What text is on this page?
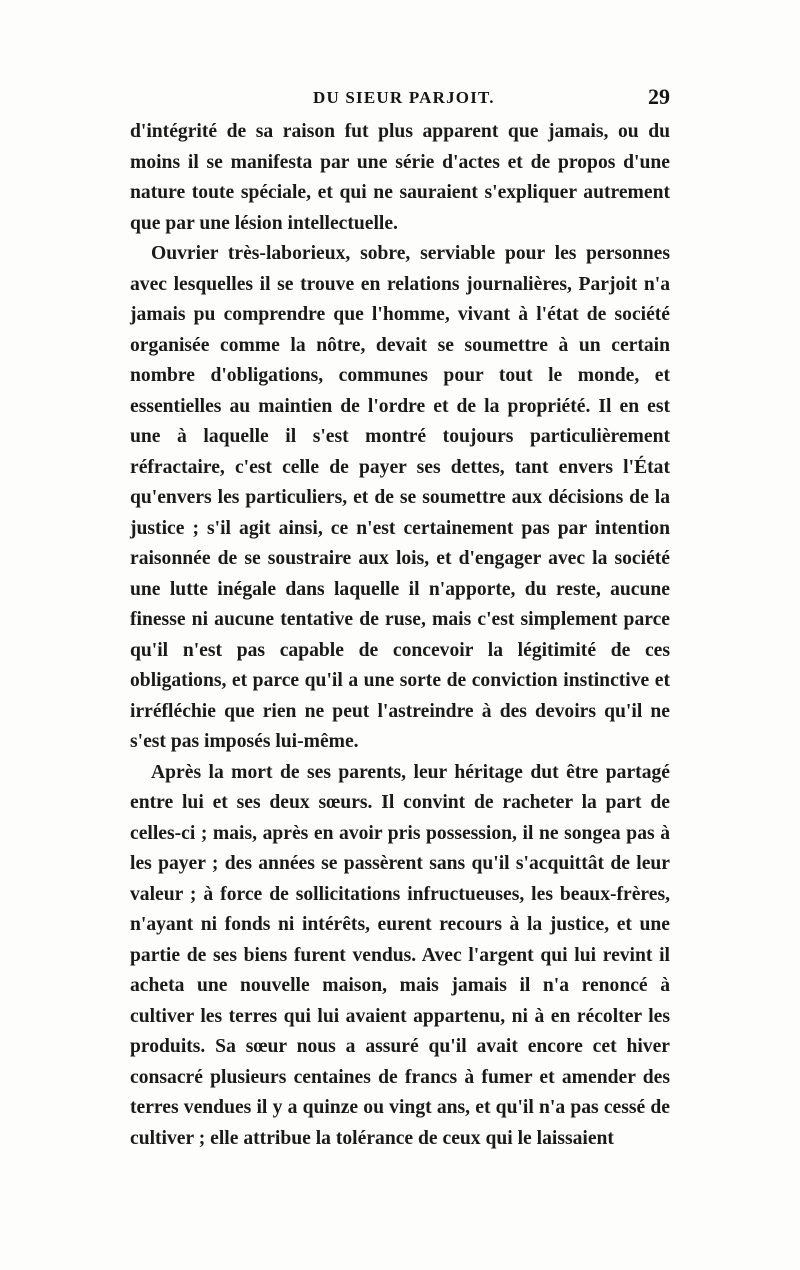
DU SIEUR PARJOIT.	29

d'intégrité de sa raison fut plus apparent que jamais, ou du moins il se manifesta par une série d'actes et de propos d'une nature toute spéciale, et qui ne sauraient s'expliquer autrement que par une lésion intellectuelle.

Ouvrier très-laborieux, sobre, serviable pour les personnes avec lesquelles il se trouve en relations journalières, Parjoit n'a jamais pu comprendre que l'homme, vivant à l'état de société organisée comme la nôtre, devait se soumettre à un certain nombre d'obligations, communes pour tout le monde, et essentielles au maintien de l'ordre et de la propriété. Il en est une à laquelle il s'est montré toujours particulièrement réfractaire, c'est celle de payer ses dettes, tant envers l'État qu'envers les particuliers, et de se soumettre aux décisions de la justice ; s'il agit ainsi, ce n'est certainement pas par intention raisonnée de se soustraire aux lois, et d'engager avec la société une lutte inégale dans laquelle il n'apporte, du reste, aucune finesse ni aucune tentative de ruse, mais c'est simplement parce qu'il n'est pas capable de concevoir la légitimité de ces obligations, et parce qu'il a une sorte de conviction instinctive et irréfléchie que rien ne peut l'astreindre à des devoirs qu'il ne s'est pas imposés lui-même.

Après la mort de ses parents, leur héritage dut être partagé entre lui et ses deux sœurs. Il convint de racheter la part de celles-ci ; mais, après en avoir pris possession, il ne songea pas à les payer ; des années se passèrent sans qu'il s'acquittât de leur valeur ; à force de sollicitations infructueuses, les beaux-frères, n'ayant ni fonds ni intérêts, eurent recours à la justice, et une partie de ses biens furent vendus. Avec l'argent qui lui revint il acheta une nouvelle maison, mais jamais il n'a renoncé à cultiver les terres qui lui avaient appartenu, ni à en récolter les produits. Sa sœur nous a assuré qu'il avait encore cet hiver consacré plusieurs centaines de francs à fumer et amender des terres vendues il y a quinze ou vingt ans, et qu'il n'a pas cessé de cultiver ; elle attribue la tolérance de ceux qui le laissaient
